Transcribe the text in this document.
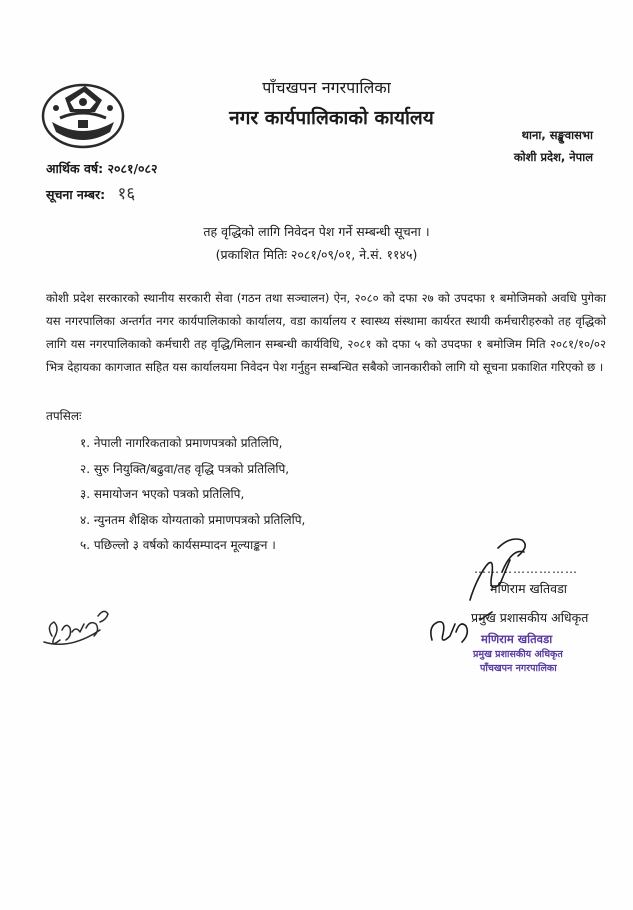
पाँचखपन नगरपालिका
नगर कार्यपालिकाको कार्यालय
थाना, सङ्खुवासभा
कोशी प्रदेश, नेपाल
आर्थिक वर्ष: २०८१/०८२
सूचना नम्बर: १६
तह वृद्धिको लागि निवेदन पेश गर्ने सम्बन्धी सूचना ।
(प्रकाशित मितिः २०८१/०९/०१, ने.सं. ११४५)
कोशी प्रदेश सरकारको स्थानीय सरकारी सेवा (गठन तथा सञ्चालन) ऐन, २०८० को दफा २७ को उपदफा १ बमोजिमको अवधि पुगेका यस नगरपालिका अन्तर्गत नगर कार्यपालिकाको कार्यालय, वडा कार्यालय र स्वास्थ्य संस्थामा कार्यरत स्थायी कर्मचारीहरुको तह वृद्धिको लागि यस नगरपालिकाको कर्मचारी तह वृद्धि/मिलान सम्बन्धी कार्यविधि, २०८१ को दफा ५ को उपदफा १ बमोजिम मिति २०८१/१०/०२ भित्र देहायका कागजात सहित यस कार्यालयमा निवेदन पेश गर्नुहुन सम्बन्धित सबैको जानकारीको लागि यो सूचना प्रकाशित गरिएको छ ।
तपसिलः
१. नेपाली नागरिकताको प्रमाणपत्रको प्रतिलिपि,
२. सुरु नियुक्ति/बढुवा/तह वृद्धि पत्रको प्रतिलिपि,
३. समायोजन भएको पत्रको प्रतिलिपि,
४. न्युनतम शैक्षिक योग्यताको प्रमाणपत्रको प्रतिलिपि,
५. पछिल्लो ३ वर्षको कार्यसम्पादन मूल्याङ्कन ।
……………………
मणिराम खतिवडा
प्रमुख प्रशासकीय अधिकृत
मणिराम खतिवडा
प्रमुख प्रशासकीय अधिकृत
पाँचखपन नगरपालिका
